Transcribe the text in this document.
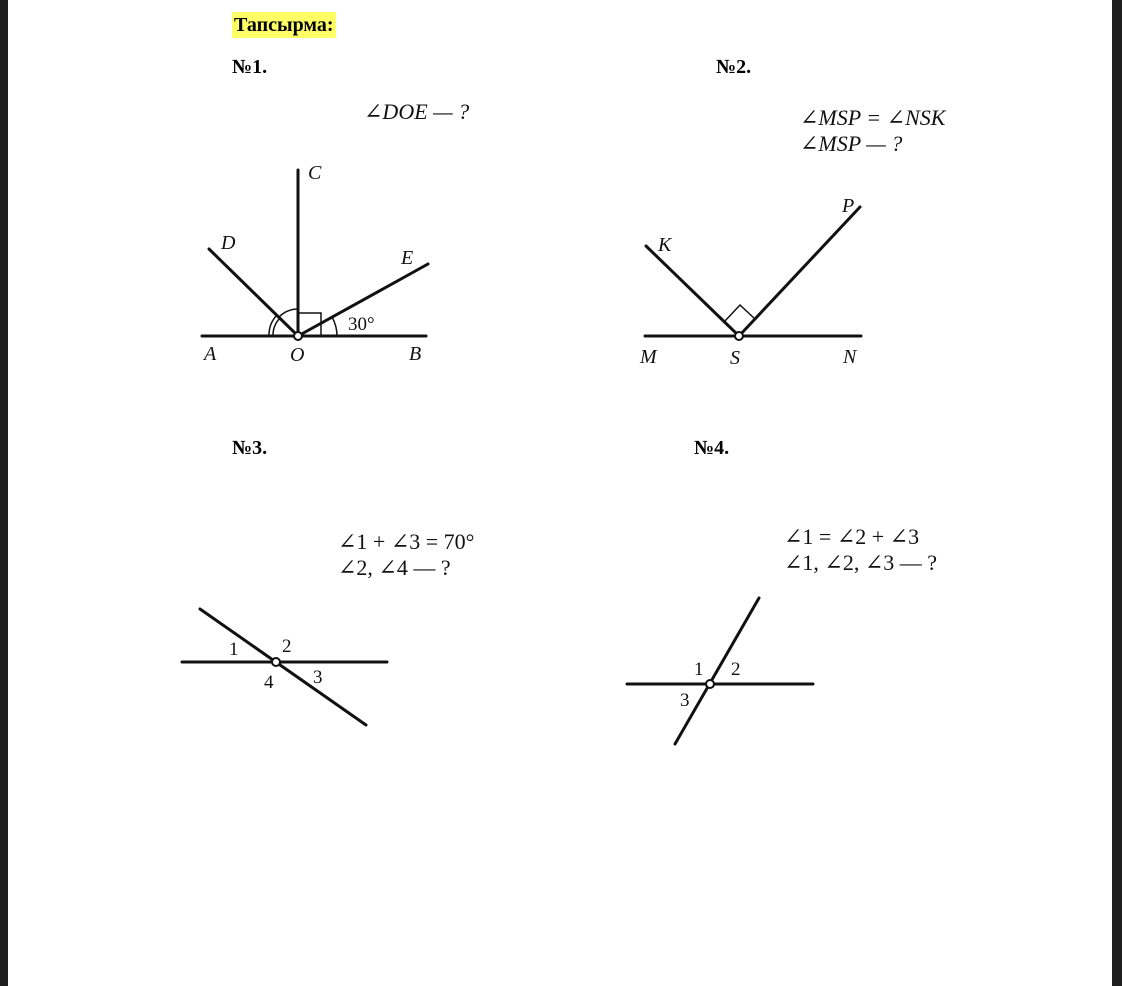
Тапсырма:
№1.
∠DOE — ?
№2.
∠MSP = ∠NSK
∠MSP — ?
№3.
∠1 + ∠3 = 70°
∠2, ∠4 — ?
№4.
∠1 = ∠2 + ∠3
∠1, ∠2, ∠3 — ?
A	O	B
C
D
E
30°
M	S	N
K
P
1 2
3
4
1 2
3
